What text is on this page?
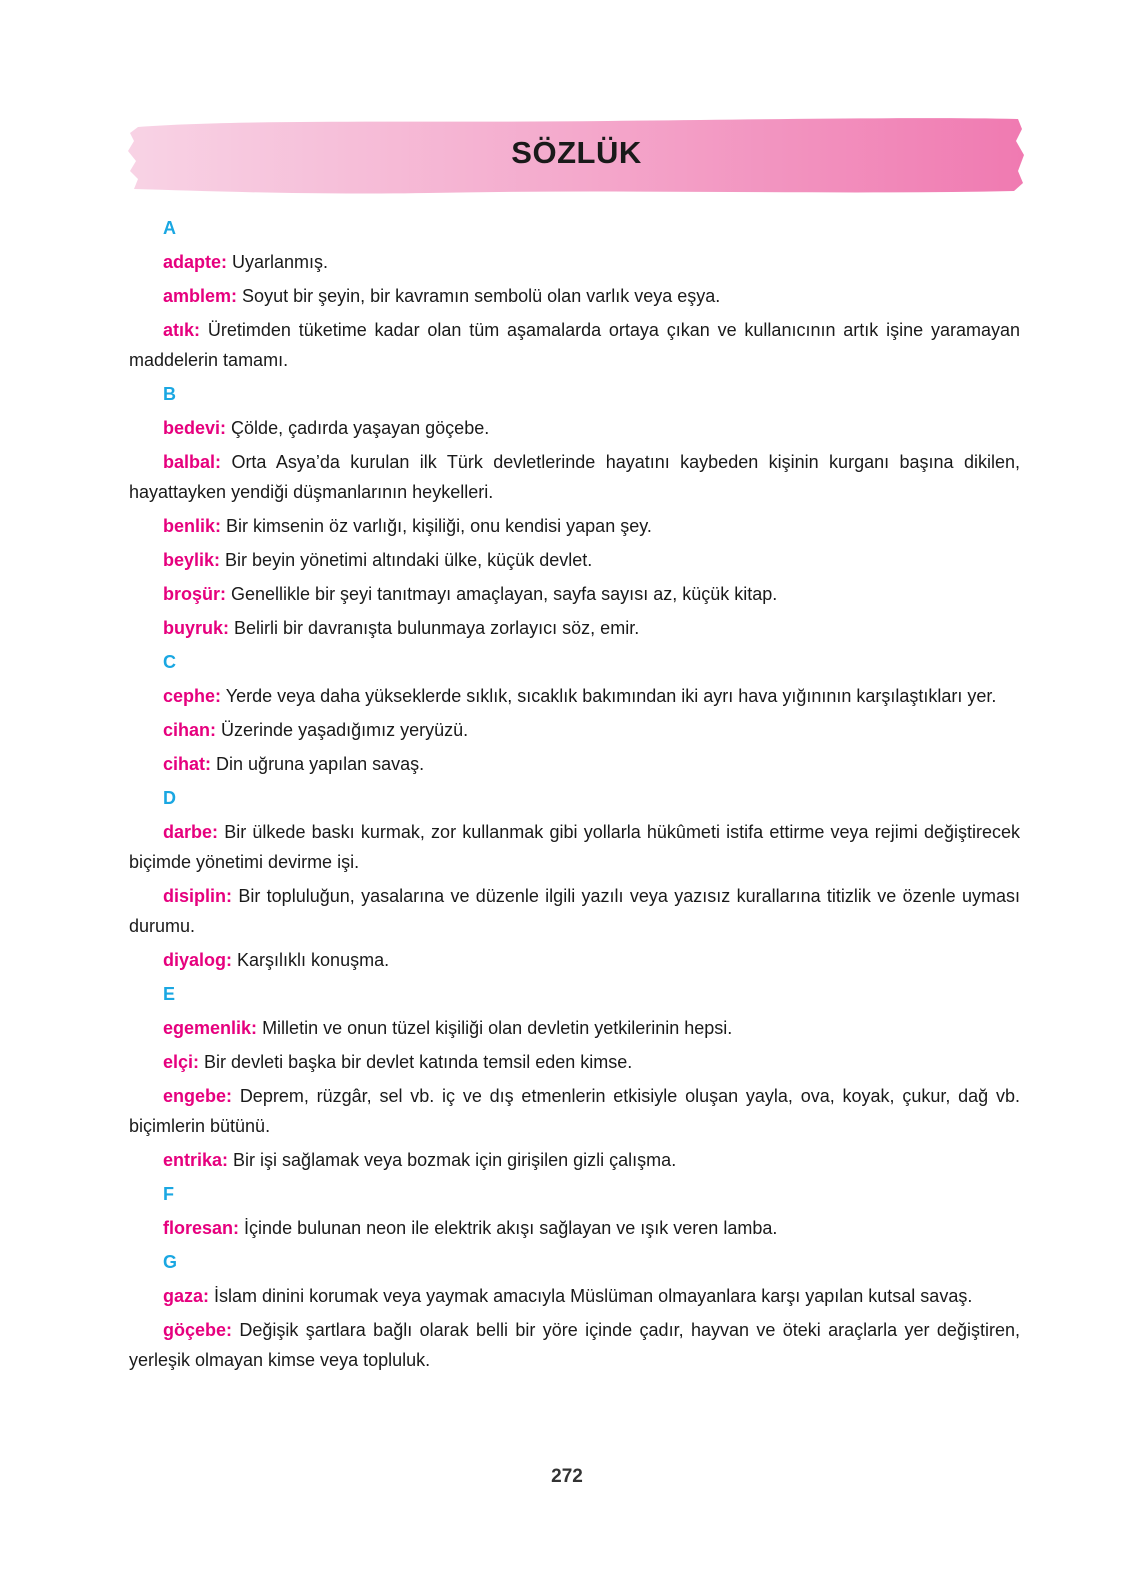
SÖZLÜK
A
adapte: Uyarlanmış.
amblem: Soyut bir şeyin, bir kavramın sembolü olan varlık veya eşya.
atık: Üretimden tüketime kadar olan tüm aşamalarda ortaya çıkan ve kullanıcının artık işine yaramayan maddelerin tamamı.
B
bedevi: Çölde, çadırda yaşayan göçebe.
balbal: Orta Asya’da kurulan ilk Türk devletlerinde hayatını kaybeden kişinin kurganı başına dikilen, hayattayken yendiği düşmanlarının heykelleri.
benlik: Bir kimsenin öz varlığı, kişiliği, onu kendisi yapan şey.
beylik: Bir beyin yönetimi altındaki ülke, küçük devlet.
broşür: Genellikle bir şeyi tanıtmayı amaçlayan, sayfa sayısı az, küçük kitap.
buyruk: Belirli bir davranışta bulunmaya zorlayıcı söz, emir.
C
cephe: Yerde veya daha yükseklerde sıklık, sıcaklık bakımından iki ayrı hava yığınının karşılaştıkları yer.
cihan: Üzerinde yaşadığımız yeryüzü.
cihat: Din uğruna yapılan savaş.
D
darbe: Bir ülkede baskı kurmak, zor kullanmak gibi yollarla hükûmeti istifa ettirme veya rejimi değiştirecek biçimde yönetimi devirme işi.
disiplin: Bir topluluğun, yasalarına ve düzenle ilgili yazılı veya yazısız kurallarına titizlik ve özenle uyması durumu.
diyalog: Karşılıklı konuşma.
E
egemenlik: Milletin ve onun tüzel kişiliği olan devletin yetkilerinin hepsi.
elçi: Bir devleti başka bir devlet katında temsil eden kimse.
engebe: Deprem, rüzgâr, sel vb. iç ve dış etmenlerin etkisiyle oluşan yayla, ova, koyak, çukur, dağ vb. biçimlerin bütünü.
entrika: Bir işi sağlamak veya bozmak için girişilen gizli çalışma.
F
floresan: İçinde bulunan neon ile elektrik akışı sağlayan ve ışık veren lamba.
G
gaza: İslam dinini korumak veya yaymak amacıyla Müslüman olmayanlara karşı yapılan kutsal savaş.
göçebe: Değişik şartlara bağlı olarak belli bir yöre içinde çadır, hayvan ve öteki araçlarla yer değiştiren, yerleşik olmayan kimse veya topluluk.
272
